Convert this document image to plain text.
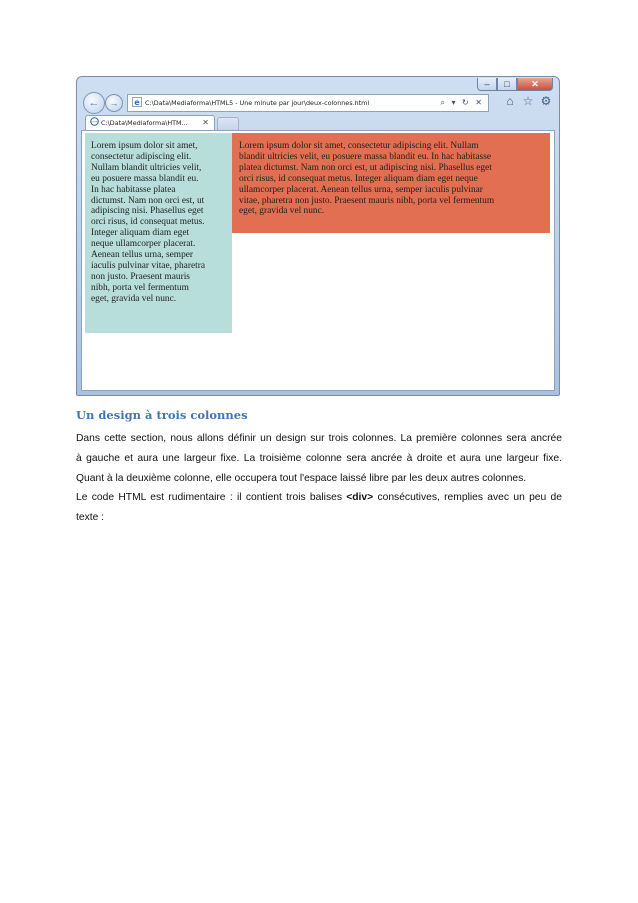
–	□	✕
←	→	e C:\Data\Mediaforma\HTML5 - Une minute par jour\deux-colonnes.html	⌕ ▾ ↻ ✕ ⌂ ☆ ⚙
C:\Data\Mediaforma\HTM... ✕
Lorem ipsum dolor sit amet,
consectetur adipiscing elit.
Nullam blandit ultricies velit,
eu posuere massa blandit eu.
In hac habitasse platea
dictumst. Nam non orci est, ut
adipiscing nisi. Phasellus eget
orci risus, id consequat metus.
Integer aliquam diam eget
neque ullamcorper placerat.
Aenean tellus urna, semper
iaculis pulvinar vitae, pharetra
non justo. Praesent mauris
nibh, porta vel fermentum
eget, gravida vel nunc.
Lorem ipsum dolor sit amet, consectetur adipiscing elit. Nullam
blandit ultricies velit, eu posuere massa blandit eu. In hac habitasse
platea dictumst. Nam non orci est, ut adipiscing nisi. Phasellus eget
orci risus, id consequat metus. Integer aliquam diam eget neque
ullamcorper placerat. Aenean tellus urna, semper iaculis pulvinar
vitae, pharetra non justo. Praesent mauris nibh, porta vel fermentum
eget, gravida vel nunc.
Un design à trois colonnes

Dans cette section, nous allons définir un design sur trois colonnes. La première colonnes sera ancrée
à gauche et aura une largeur fixe. La troisième colonne sera ancrée à droite et aura une largeur fixe.
Quant à la deuxième colonne, elle occupera tout l'espace laissé libre par les deux autres colonnes.

Le code HTML est rudimentaire : il contient trois balises <div> consécutives, remplies avec un peu de
texte :
